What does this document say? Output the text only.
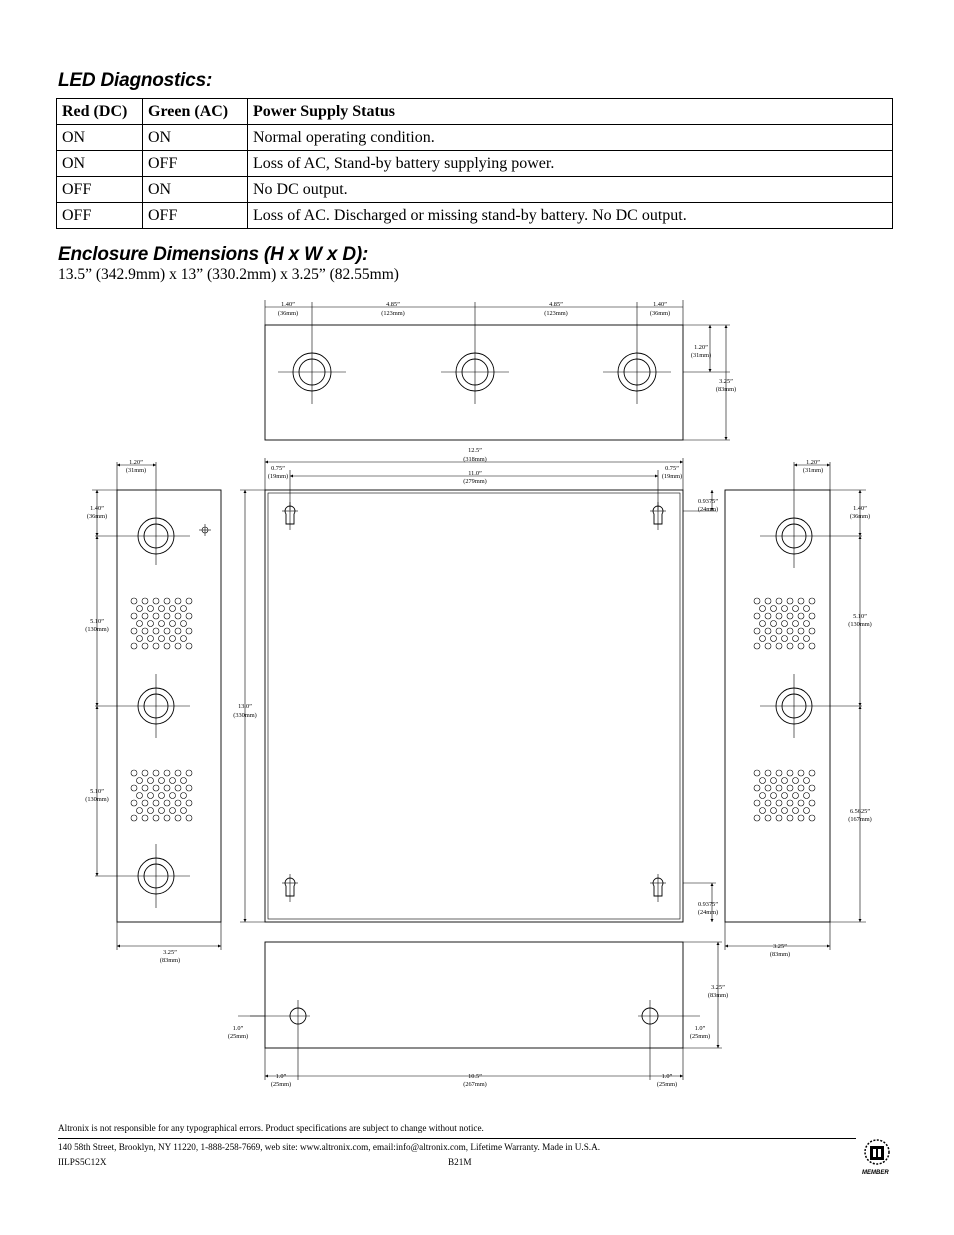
LED Diagnostics:
Red (DC)	Green (AC)	Power Supply Status
ON	ON	Normal operating condition.
ON	OFF	Loss of AC, Stand-by battery supplying power.
OFF	ON	No DC output.
OFF	OFF	Loss of AC. Discharged or missing stand-by battery. No DC output.
Enclosure Dimensions (H x W x D):
13.5” (342.9mm) x 13” (330.2mm) x 3.25” (82.55mm)
1.40”
(36mm)
4.85”
(123mm)
4.85”
(123mm)
1.40”
(36mm)
1.20”
(31mm)
3.25”
(83mm)
12.5”
(318mm)
11.0”
(279mm)
0.75”
(19mm)
0.75”
(19mm)
0.9375”
(24mm)
0.9375”
(24mm)
13.0”
(330mm)
1.20”
(31mm)
1.40”
(36mm)
5.10”
(130mm)
5.10”
(130mm)
3.25”
(83mm)
1.20”
(31mm)
1.40”
(36mm)
5.10”
(130mm)
6.5625”
(167mm)
3.25”
(83mm)
3.25”
(83mm)
1.0”
(25mm)
1.0”
(25mm)
1.0”
(25mm)
10.5”
(267mm)
1.0”
(25mm)
Altronix is not responsible for any typographical errors. Product specifications are subject to change without notice.
140 58th Street, Brooklyn, NY 11220, 1-888-258-7669, web site: www.altronix.com, email:info@altronix.com, Lifetime Warranty. Made in U.S.A.
IILPS5C12X	B21M
MEMBER
